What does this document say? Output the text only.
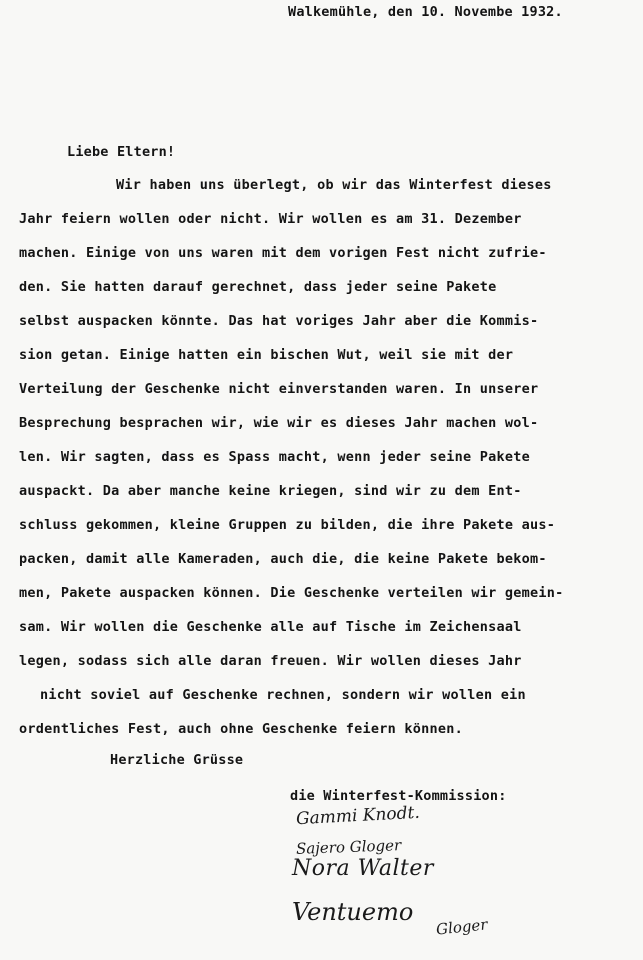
Walkemühle, den 10. Novembe 1932.
Liebe Eltern!
Wir haben uns überlegt, ob wir das Winterfest dieses
Jahr feiern wollen oder nicht. Wir wollen es am 31. Dezember
machen. Einige von uns waren mit dem vorigen Fest nicht zufrie-
den. Sie hatten darauf gerechnet, dass jeder seine Pakete
selbst auspacken könnte. Das hat voriges Jahr aber die Kommis-
sion getan. Einige hatten ein bischen Wut, weil sie mit der
Verteilung der Geschenke nicht einverstanden waren. In unserer
Besprechung besprachen wir, wie wir es dieses Jahr machen wol-
len. Wir sagten, dass es Spass macht, wenn jeder seine Pakete
auspackt. Da aber manche keine kriegen, sind wir zu dem Ent-
schluss gekommen, kleine Gruppen zu bilden, die ihre Pakete aus-
packen, damit alle Kameraden, auch die, die keine Pakete bekom-
men, Pakete auspacken können. Die Geschenke verteilen wir gemein-
sam. Wir wollen die Geschenke alle auf Tische im Zeichensaal
legen, sodass sich alle daran freuen. Wir wollen dieses Jahr
nicht soviel auf Geschenke rechnen, sondern wir wollen ein
ordentliches Fest, auch ohne Geschenke feiern können.
Herzliche Grüsse
die Winterfest-Kommission:
Gammi Knodt.
Sajero Gloger
Nora Walter
Ventuemo
Gloger
